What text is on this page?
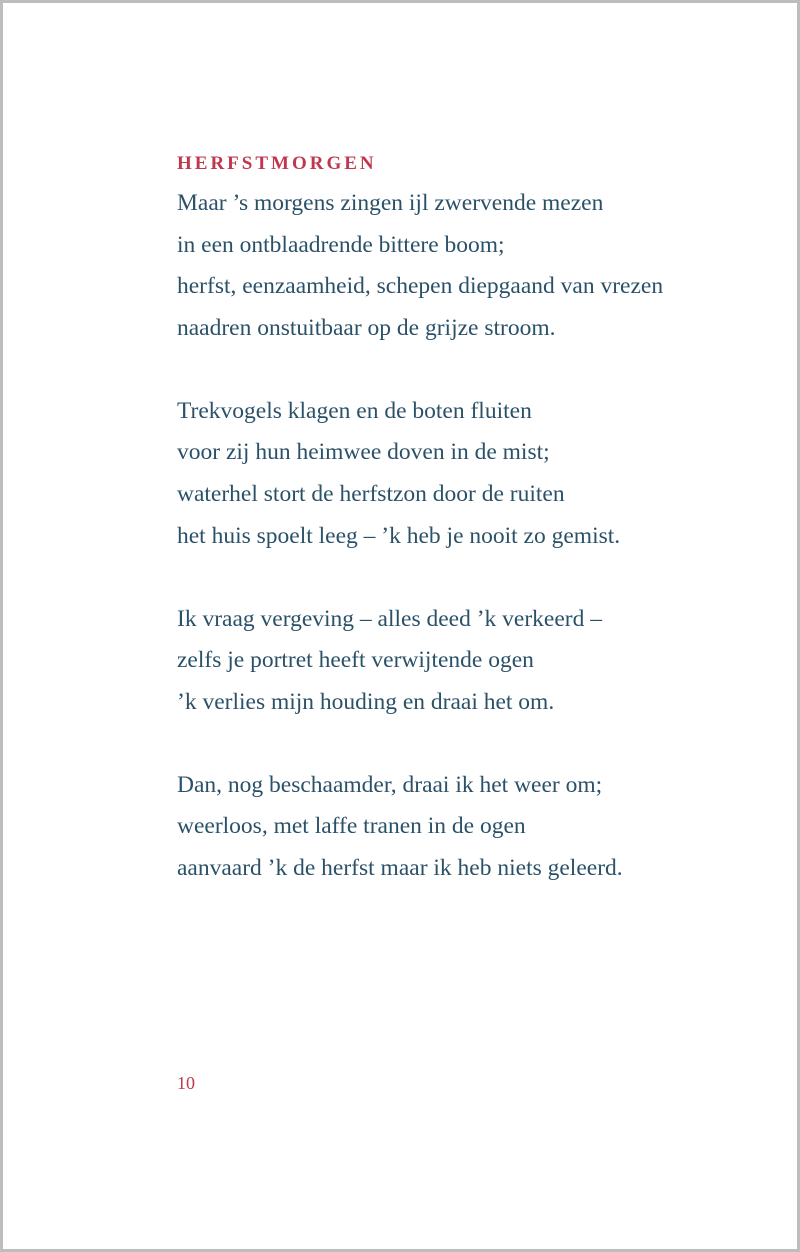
HERFSTMORGEN
Maar ’s morgens zingen ijl zwervende mezen
in een ontblaadrende bittere boom;
herfst, eenzaamheid, schepen diepgaand van vrezen
naadren onstuitbaar op de grijze stroom.
Trekvogels klagen en de boten fluiten
voor zij hun heimwee doven in de mist;
waterhel stort de herfstzon door de ruiten
het huis spoelt leeg – ’k heb je nooit zo gemist.
Ik vraag vergeving – alles deed ’k verkeerd –
zelfs je portret heeft verwijtende ogen
’k verlies mijn houding en draai het om.
Dan, nog beschaamder, draai ik het weer om;
weerloos, met laffe tranen in de ogen
aanvaard ’k de herfst maar ik heb niets geleerd.

10
